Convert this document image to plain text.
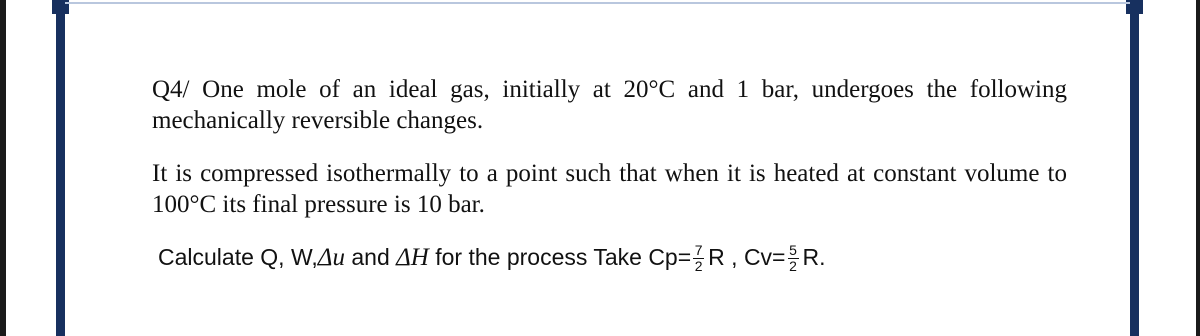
Q4/ One mole of an ideal gas, initially at 20°C and 1 bar, undergoes the following mechanically reversible changes.

It is compressed isothermally to a point such that when it is heated at constant volume to 100°C its final pressure is 10 bar.

Calculate Q, W, Δu and ΔH for the process Take $Cp= \frac{7}{2}$ R , $Cv= \frac{5}{2} R$.
